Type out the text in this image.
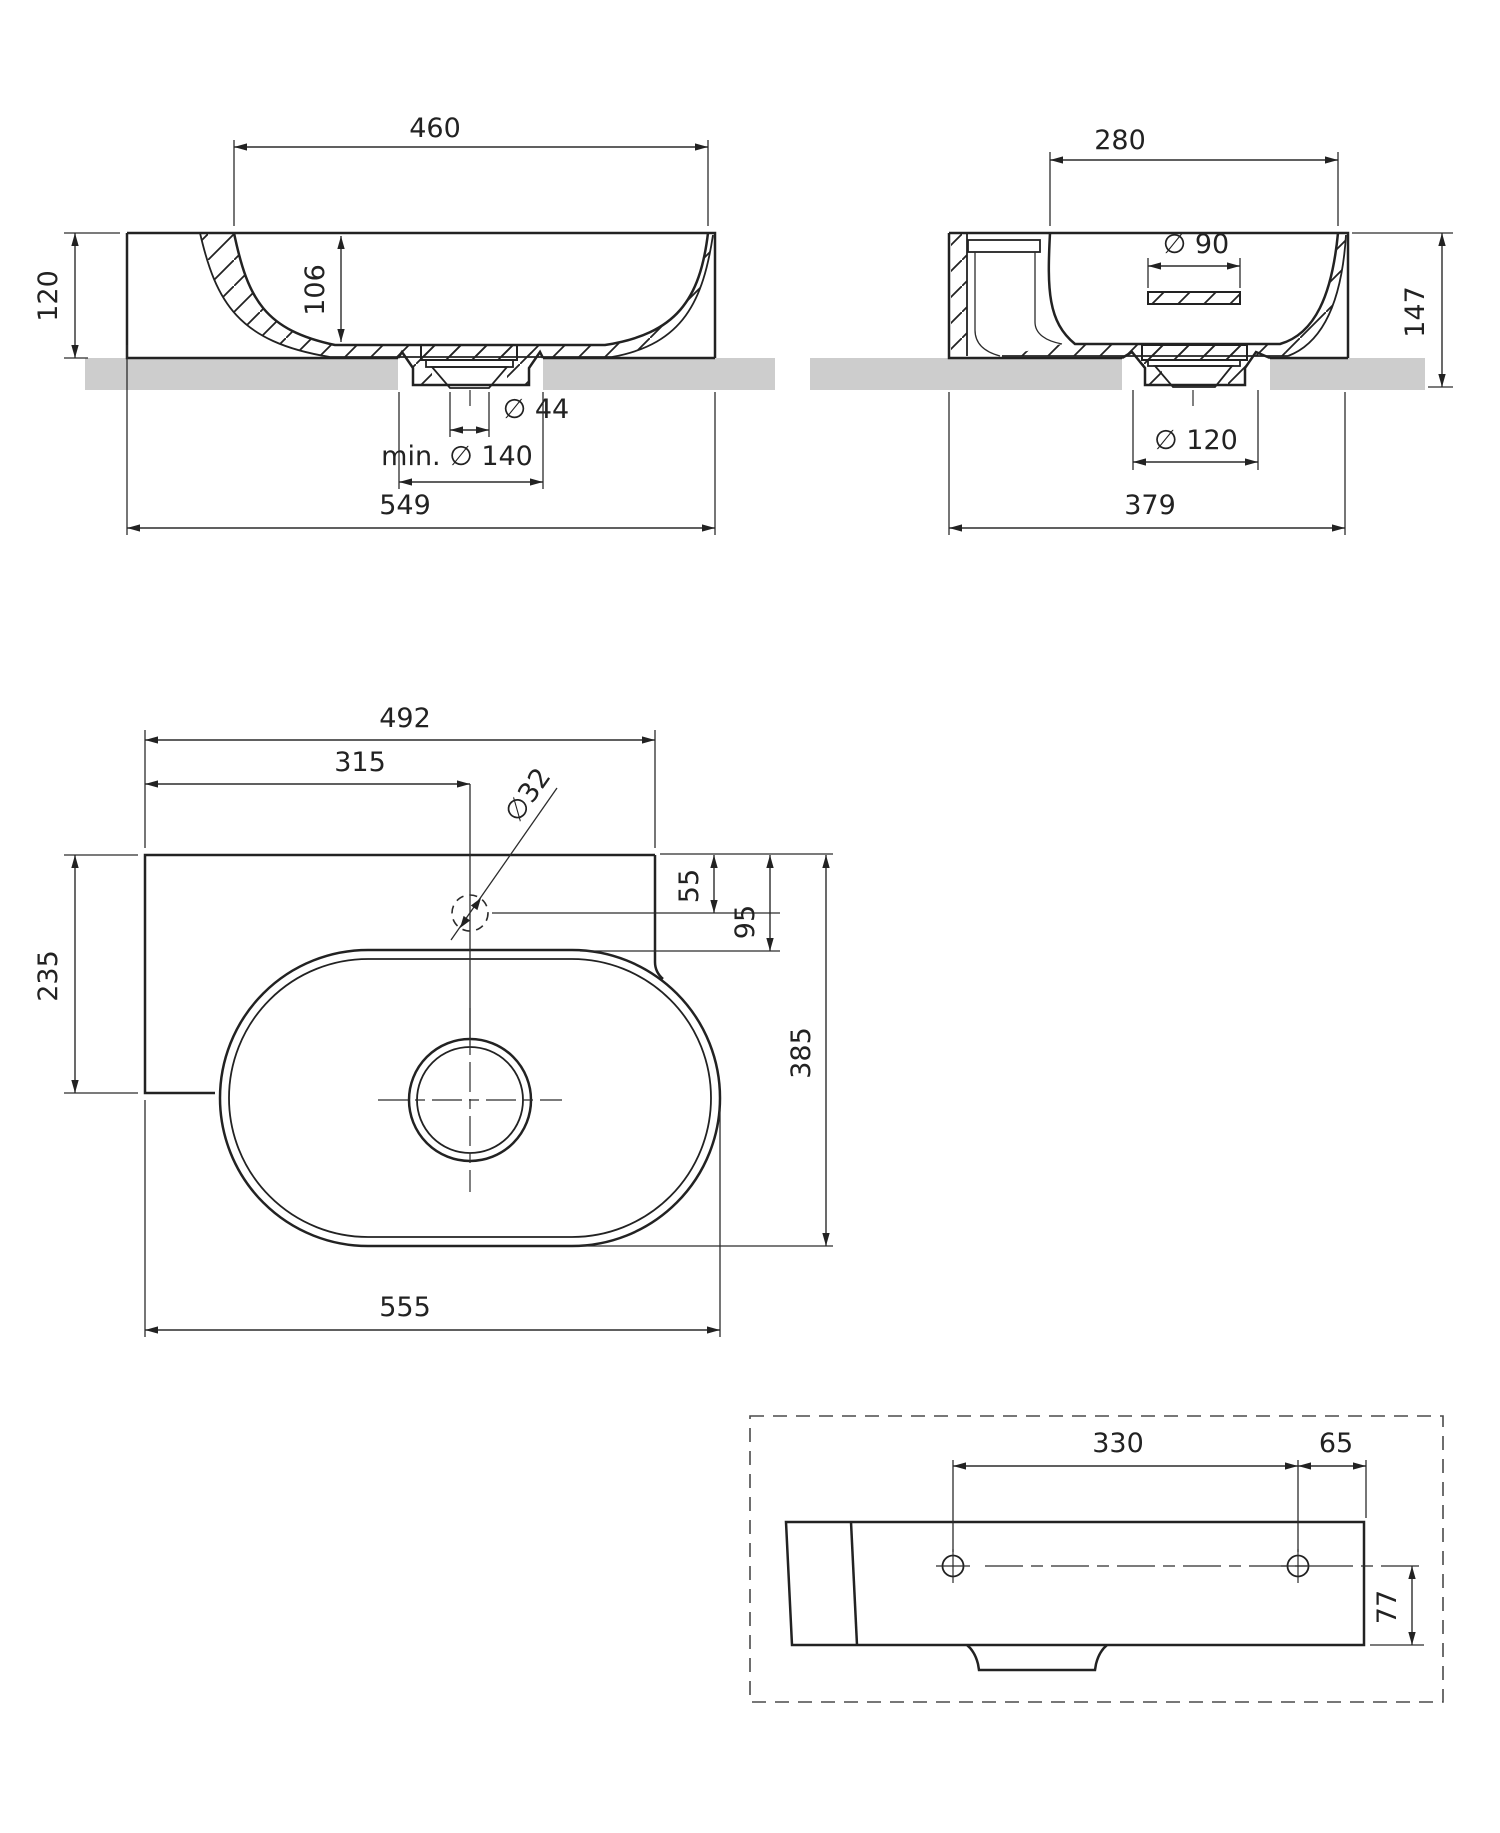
460
120	106
∅ 44
min. ∅ 140
549
∅ 90
280
147
∅ 120
379
∅32
492
315
55
95
385
235
555
330	65
77
